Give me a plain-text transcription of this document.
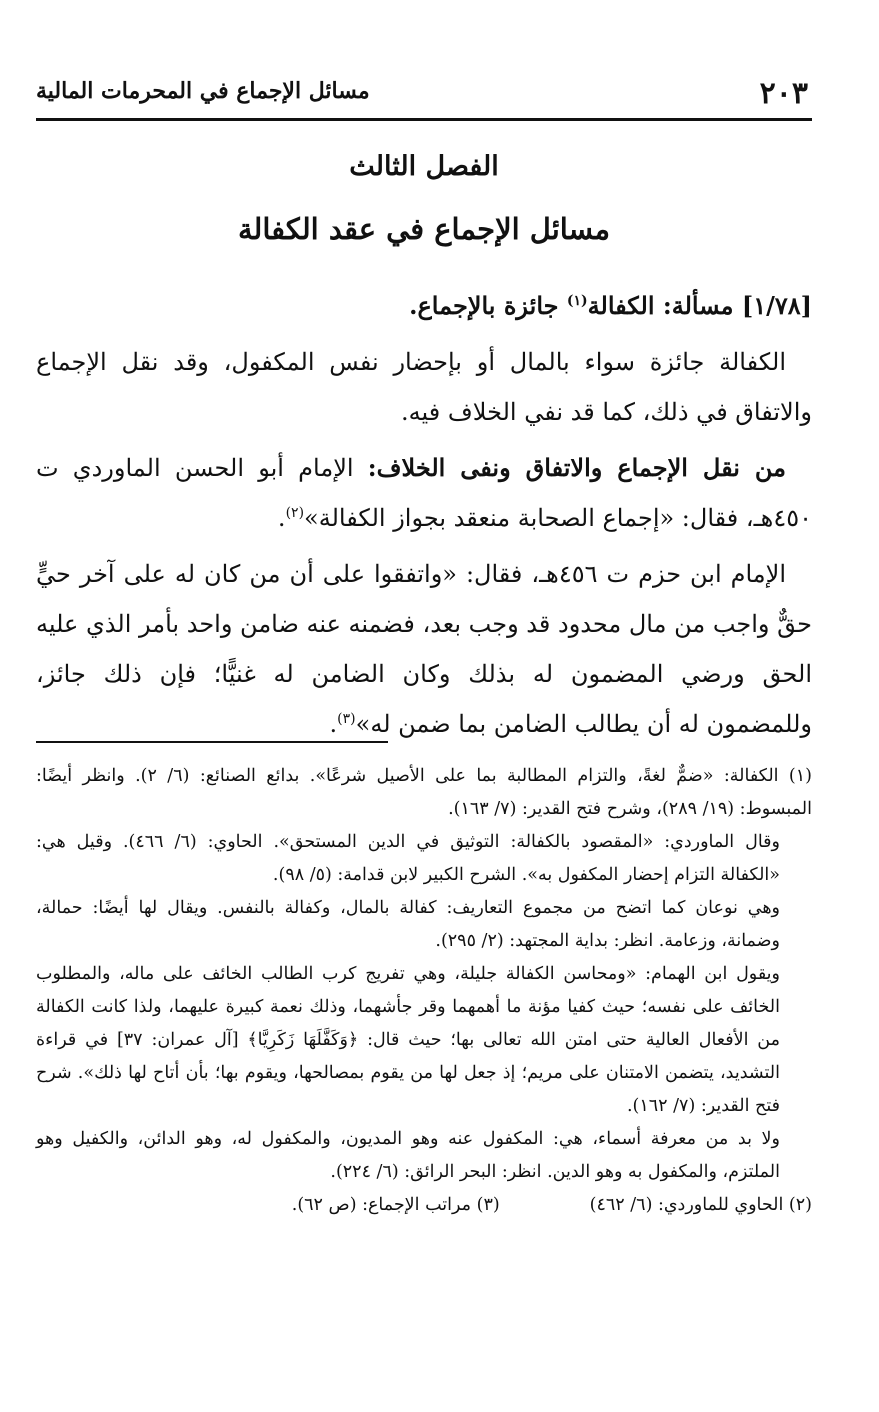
٢٠٣
مسائل الإجماع في المحرمات المالية
الفصل الثالث
مسائل الإجماع في عقد الكفالة

[١/٧٨] مسألة: الكفالة$^{(١)}$ جائزة بالإجماع.

الكفالة جائزة سواء بالمال أو بإحضار نفس المكفول، وقد نقل الإجماع والاتفاق في ذلك، كما قد نفي الخلاف فيه.

من نقل الإجماع والاتفاق ونفى الخلاف: الإمام أبو الحسن الماوردي ت ٤٥٠هـ، فقال: «إجماع الصحابة منعقد بجواز الكفالة»$^{(٢)}$.

الإمام ابن حزم ت ٤٥٦هـ، فقال: «واتفقوا على أن من كان له على آخر حيٍّ حقٌّ واجب من مال محدود قد وجب بعد، فضمنه عنه ضامن واحد بأمر الذي عليه الحق ورضي المضمون له بذلك وكان الضامن له غنيًّا؛ فإن ذلك جائز، وللمضمون له أن يطالب الضامن بما ضمن له»$^{(٣)}$.

(١) الكفالة: «ضمٌّ لغةً، والتزام المطالبة بما على الأصيل شرعًا». بدائع الصنائع: (٦/ ٢). وانظر أيضًا: المبسوط: (١٩/ ٢٨٩)، وشرح فتح القدير: (٧/ ١٦٣).

وقال الماوردي: «المقصود بالكفالة: التوثيق في الدين المستحق». الحاوي: (٦/ ٤٦٦). وقيل هي: «الكفالة التزام إحضار المكفول به». الشرح الكبير لابن قدامة: (٥/ ٩٨).

وهي نوعان كما اتضح من مجموع التعاريف: كفالة بالمال، وكفالة بالنفس. ويقال لها أيضًا: حمالة، وضمانة، وزعامة. انظر: بداية المجتهد: (٢/ ٢٩٥).

ويقول ابن الهمام: «ومحاسن الكفالة جليلة، وهي تفريج كرب الطالب الخائف على ماله، والمطلوب الخائف على نفسه؛ حيث كفيا مؤنة ما أهمهما وقر جأشهما، وذلك نعمة كبيرة عليهما، ولذا كانت الكفالة من الأفعال العالية حتى امتن الله تعالى بها؛ حيث قال: ﴿وَكَفَّلَهَا زَكَرِيَّا﴾ [آل عمران: ٣٧] في قراءة التشديد، يتضمن الامتنان على مريم؛ إذ جعل لها من يقوم بمصالحها، ويقوم بها؛ بأن أتاح لها ذلك». شرح فتح القدير: (٧/ ١٦٢).

ولا بد من معرفة أسماء، هي: المكفول عنه وهو المديون، والمكفول له، وهو الدائن، والكفيل وهو الملتزم، والمكفول به وهو الدين. انظر: البحر الرائق: (٦/ ٢٢٤).

(٢) الحاوي للماوردي: (٦/ ٤٦٢)
(٣) مراتب الإجماع: (ص ٦٢).
